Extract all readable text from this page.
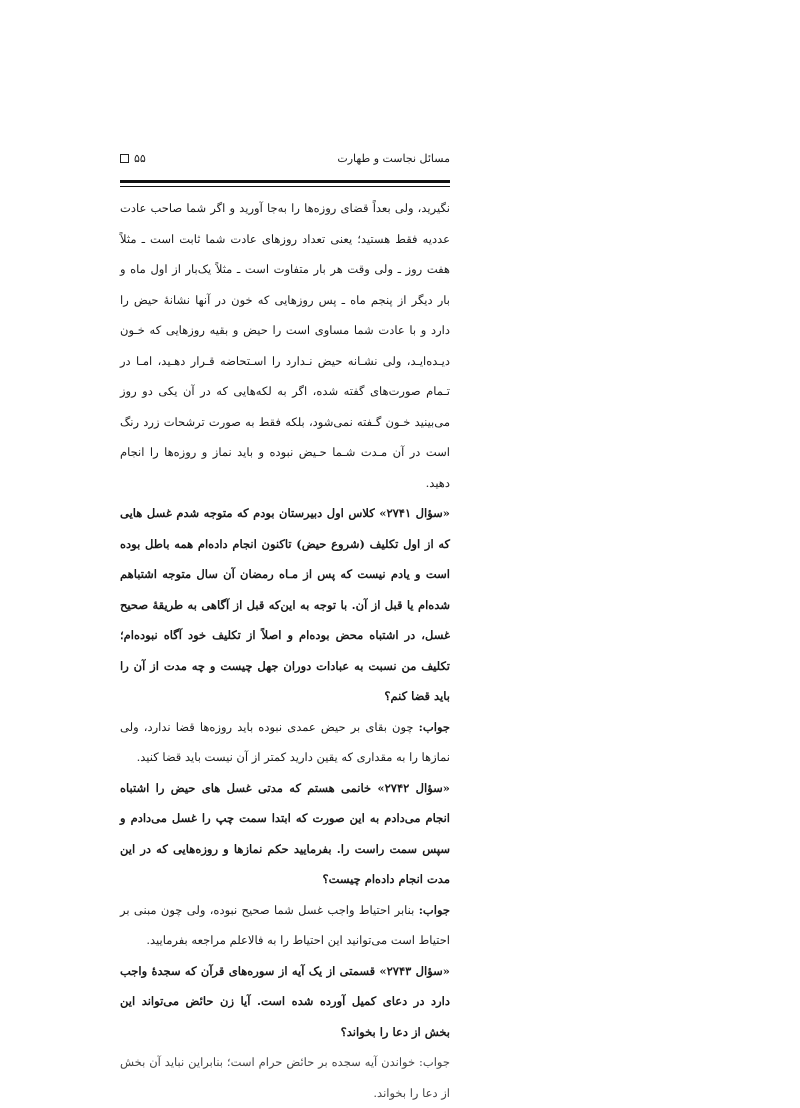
مسائل نجاست و طهارت
۵۵

نگیرید، ولی بعداً قضای روزه‌ها را به‌جا آورید و اگر شما صاحب عادت عددیه فقط هستید؛ یعنی تعداد روزهای عادت شما ثابت است ـ مثلاً هفت روز ـ ولی وقت هر بار متفاوت است ـ مثلاً یک‌بار از اول ماه و بار دیگر از پنجم ماه ـ پس روزهایی که خون در آنها نشانهٔ حیض را دارد و با عادت شما مساوی است را حیض و بقیه روزهایی که خـون دیـده‌ایـد، ولی نشـانه حیض نـدارد را اسـتحاضه قـرار دهـید، امـا در تـمام صورت‌های گفته شده، اگر به لکه‌هایی که در آن یکی دو روز می‌بینید خـون گـفته نمی‌شود، بلکه فقط به صورت ترشحات زرد رنگ است در آن مـدت شـما حـیض نبوده و باید نماز و روزه‌ها را انجام دهید.

«سؤال ۲۷۴۱» کلاس اول دبیرستان بودم که متوجه شدم غسل هایی که از اول تکلیف (شروع حیض) تاکنون انجام داده‌ام همه باطل بوده است و یادم نیست که پس از مـاه رمضان آن سال متوجه اشتباهم شده‌ام یا قبل از آن. با توجه به این‌که قبل از آگاهی به طریقهٔ صحیح غسل، در اشتباه محض بوده‌ام و اصلاً از تکلیف خود آگاه نبوده‌ام؛ تکلیف من نسبت به عبادات دوران جهل چیست و چه مدت از آن را باید قضا کنم؟

جواب: چون بقای بر حیض عمدی نبوده باید روزه‌ها قضا ندارد، ولی نمازها را به مقداری که یقین دارید کمتر از آن نیست باید قضا کنید.

«سؤال ۲۷۴۲» خانمی هستم که مدتی غسل های حیض را اشتباه انجام می‌دادم به این صورت که ابتدا سمت چپ را غسل می‌دادم و سپس سمت راست را. بفرمایید حکم نمازها و روزه‌هایی که در این مدت انجام داده‌ام چیست؟

جواب: بنابر احتیاط واجب غسل شما صحیح نبوده، ولی چون مبنی بر احتیاط است می‌توانید این احتیاط را به فالاعلم مراجعه بفرمایید.

«سؤال ۲۷۴۳» قسمتی از یک آیه از سوره‌های قرآن که سجدهٔ واجب دارد در دعای کمیل آورده شده است. آیا زن حائض می‌تواند این بخش از دعا را بخواند؟

جواب: خواندن آیه سجده بر حائض حرام است؛ بنابراین نباید آن بخش از دعا را بخواند.
